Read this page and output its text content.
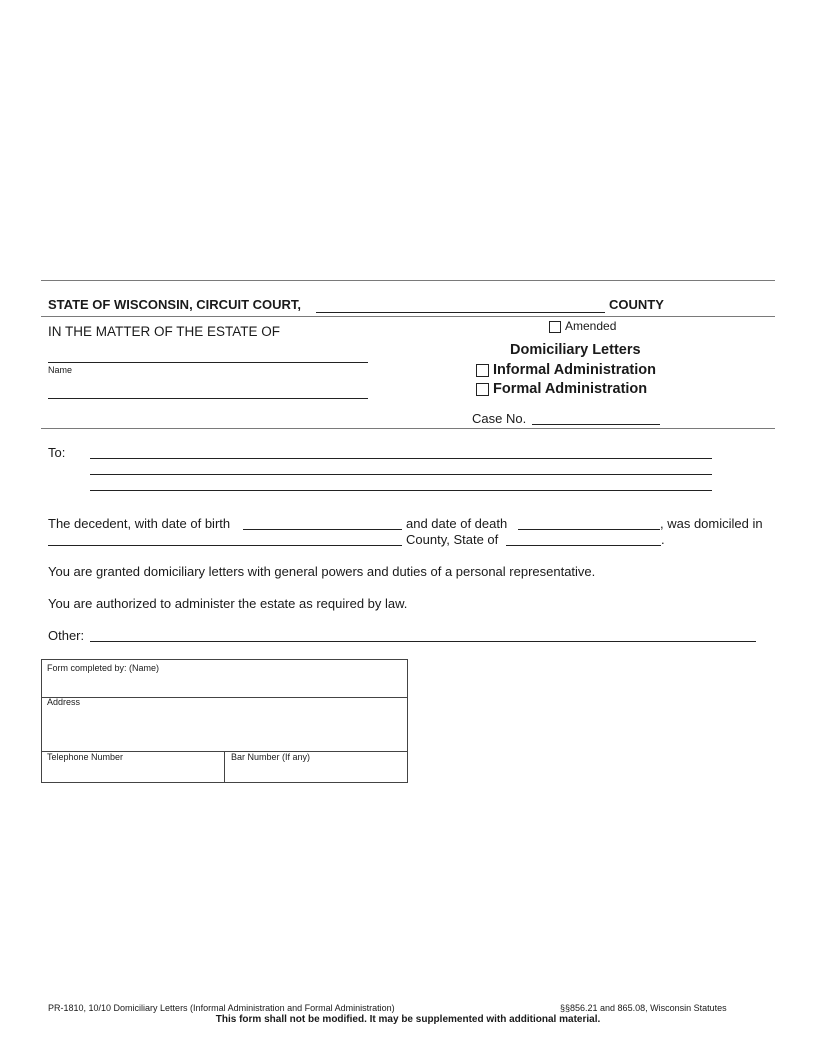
STATE OF WISCONSIN, CIRCUIT COURT,	COUNTY
IN THE MATTER OF THE ESTATE OF
Name
Amended
Domiciliary Letters
Informal Administration
Formal Administration
Case No.
To:
The decedent, with date of birth	and date of death	, was domiciled in
County, State of	.
You are granted domiciliary letters with general powers and duties of a personal representative.
You are authorized to administer the estate as required by law.
Other:
Form completed by: (Name)
Address
Telephone Number	Bar Number (If any)
PR-1810, 10/10 Domiciliary Letters (Informal Administration and Formal Administration)	§§856.21 and 865.08, Wisconsin Statutes
This form shall not be modified. It may be supplemented with additional material.
